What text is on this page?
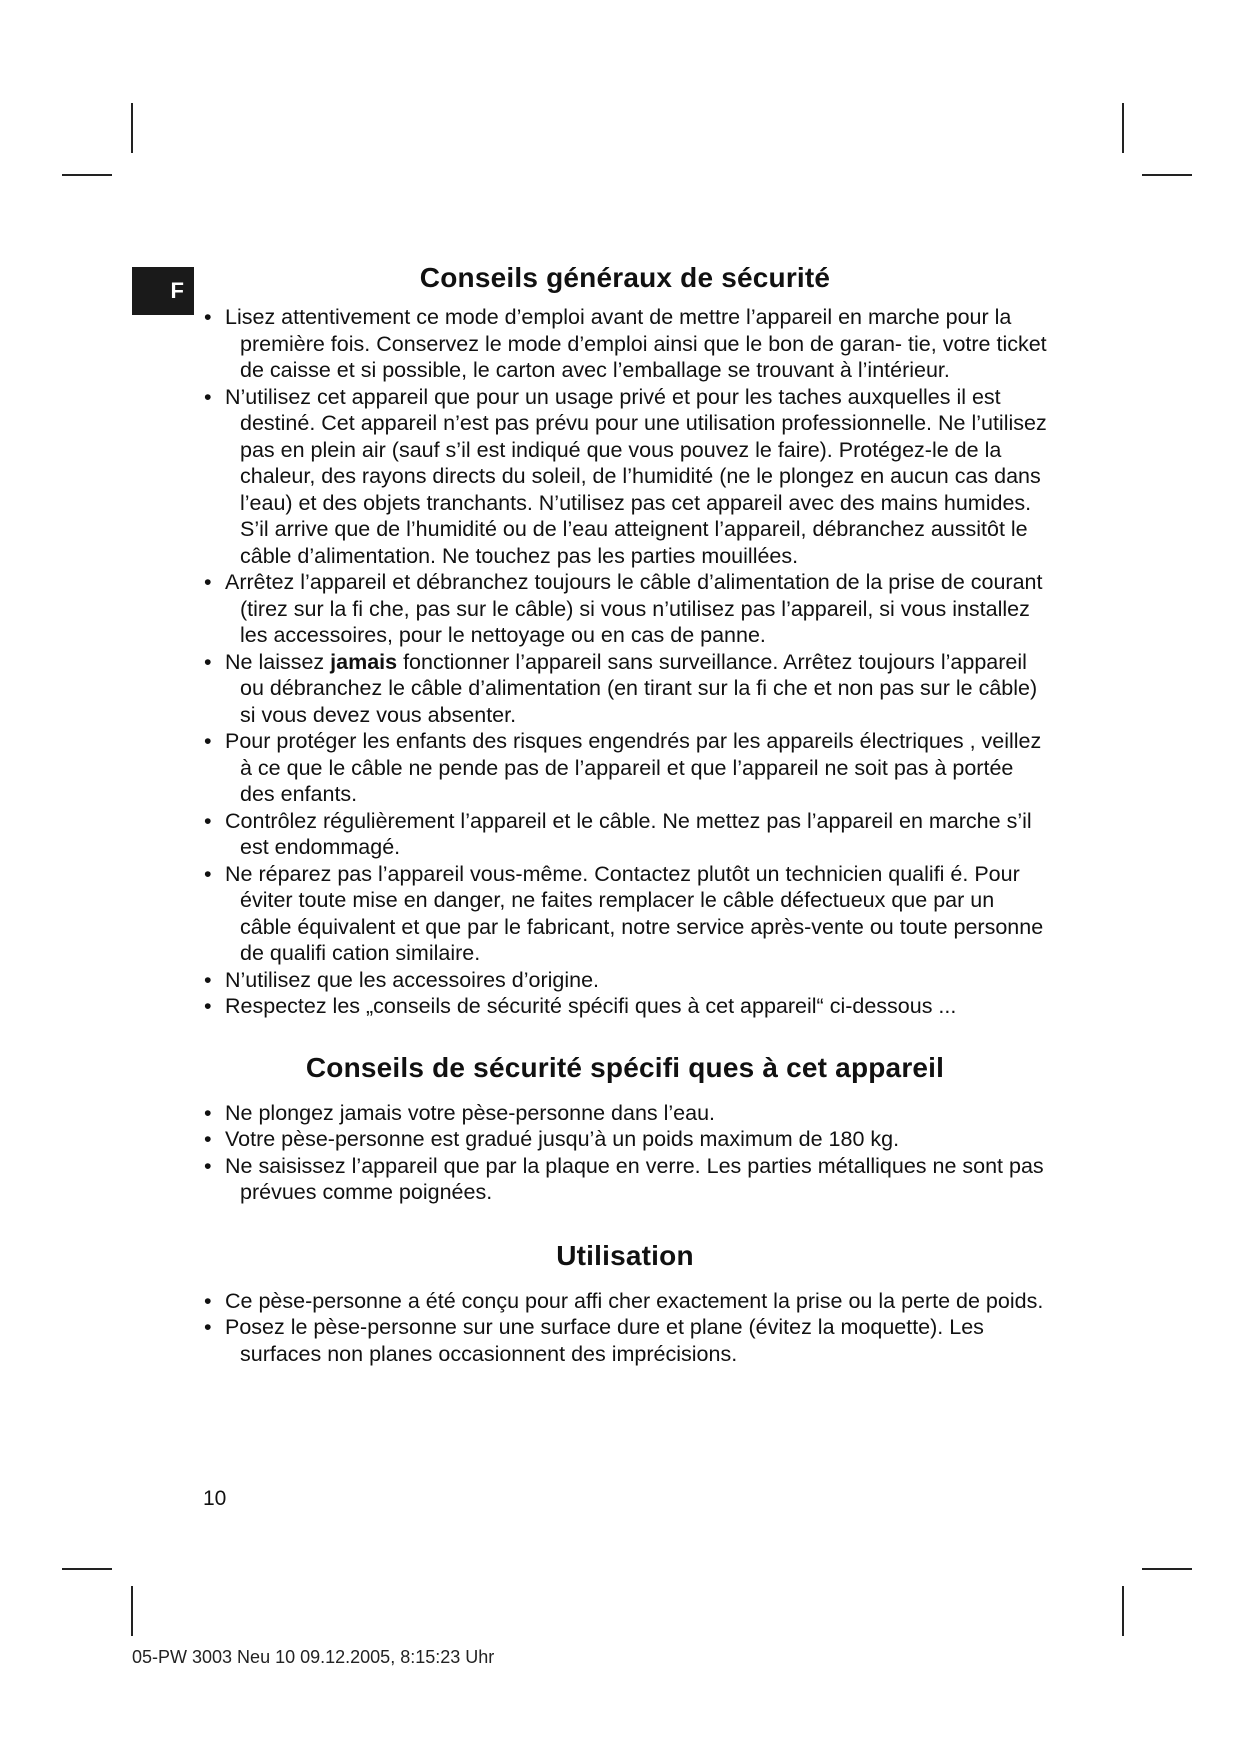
F	Conseils généraux de sécurité
• Lisez attentivement ce mode d’emploi avant de mettre l’appareil en marche pour la première fois. Conservez le mode d’emploi ainsi que le bon de garan- tie, votre ticket de caisse et si possible, le carton avec l’emballage se trouvant à l’intérieur.
• N’utilisez cet appareil que pour un usage privé et pour les taches auxquelles il est destiné. Cet appareil n’est pas prévu pour une utilisation professionnelle. Ne l’utilisez pas en plein air (sauf s’il est indiqué que vous pouvez le faire). Protégez-le de la chaleur, des rayons directs du soleil, de l’humidité (ne le plongez en aucun cas dans l’eau) et des objets tranchants. N’utilisez pas cet appareil avec des mains humides. S’il arrive que de l’humidité ou de l’eau atteignent l’appareil, débranchez aussitôt le câble d’alimentation. Ne touchez pas les parties mouillées.
• Arrêtez l’appareil et débranchez toujours le câble d’alimentation de la prise de courant (tirez sur la fi che, pas sur le câble) si vous n’utilisez pas l’appareil, si vous installez les accessoires, pour le nettoyage ou en cas de panne.
• Ne laissez jamais fonctionner l’appareil sans surveillance. Arrêtez toujours l’appareil ou débranchez le câble d’alimentation (en tirant sur la fi che et non pas sur le câble) si vous devez vous absenter.
• Pour protéger les enfants des risques engendrés par les appareils électriques , veillez à ce que le câble ne pende pas de l’appareil et que l’appareil ne soit pas à portée des enfants.
• Contrôlez régulièrement l’appareil et le câble. Ne mettez pas l’appareil en marche s’il est endommagé.
• Ne réparez pas l’appareil vous-même. Contactez plutôt un technicien qualifi é. Pour éviter toute mise en danger, ne faites remplacer le câble défectueux que par un câble équivalent et que par le fabricant, notre service après-vente ou toute personne de qualifi cation similaire.
• N’utilisez que les accessoires d’origine.
• Respectez les „conseils de sécurité spécifi ques à cet appareil“ ci-dessous ...
Conseils de sécurité spécifi ques à cet appareil
• Ne plongez jamais votre pèse-personne dans l’eau.
• Votre pèse-personne est gradué jusqu’à un poids maximum de 180 kg.
• Ne saisissez l’appareil que par la plaque en verre. Les parties métalliques ne sont pas prévues comme poignées.
Utilisation
• Ce pèse-personne a été conçu pour affi cher exactement la prise ou la perte de poids.
• Posez le pèse-personne sur une surface dure et plane (évitez la moquette). Les surfaces non planes occasionnent des imprécisions.
10
05-PW 3003 Neu 10 09.12.2005, 8:15:23 Uhr
